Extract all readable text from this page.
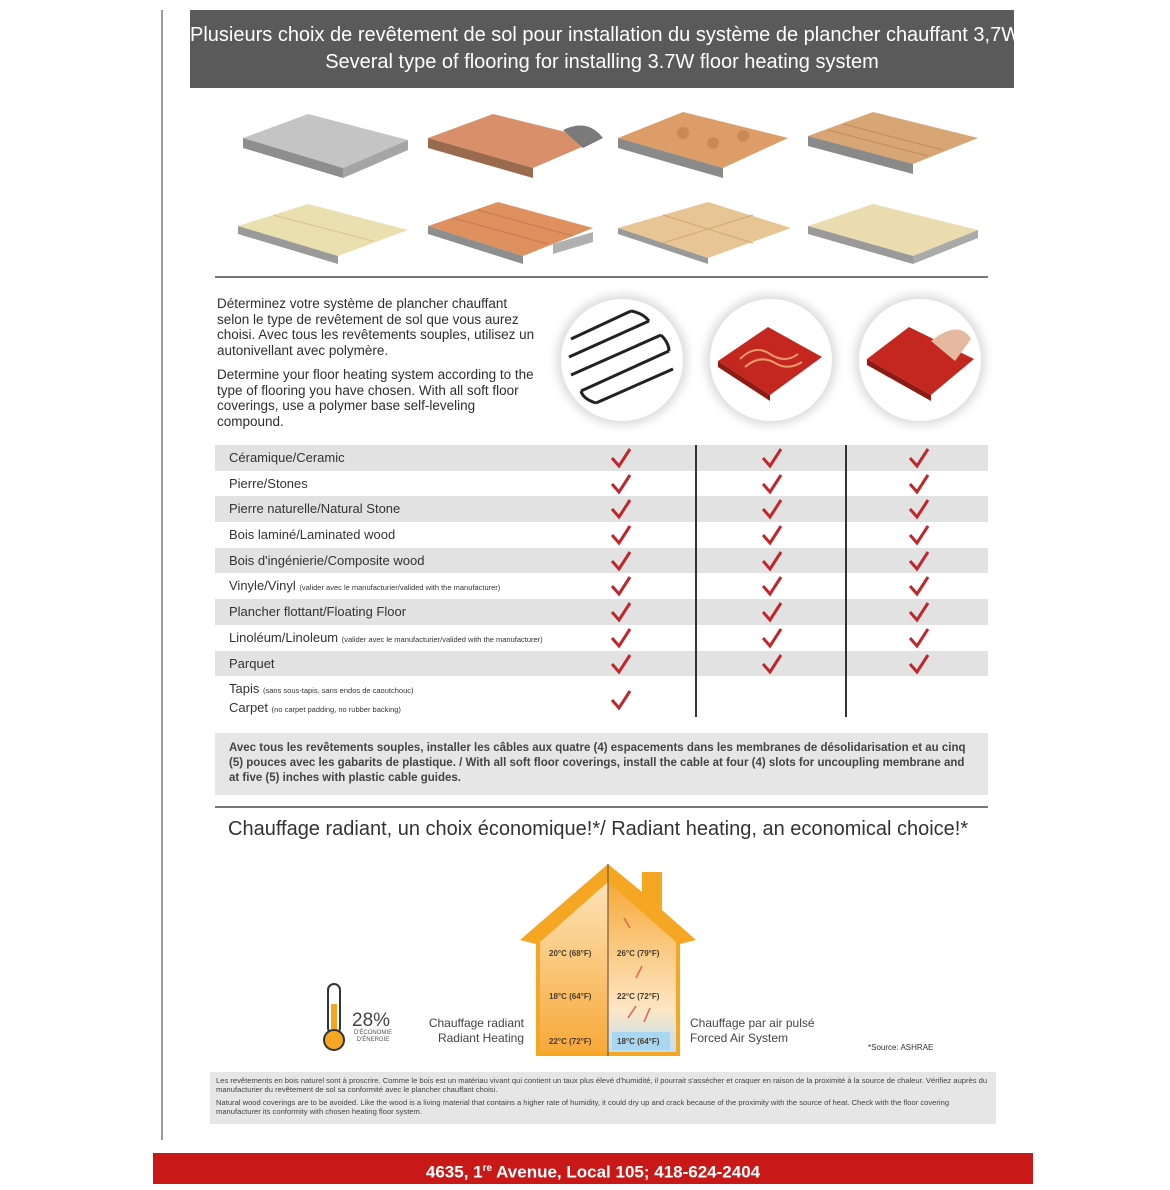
Plusieurs choix de revêtement de sol pour installation du système de plancher chauffant 3,7W
Several type of flooring for installing 3.7W floor heating system

Déterminez votre système de plancher chauffant selon le type de revêtement de sol que vous aurez choisi. Avec tous les revêtements souples, utilisez un autonivellant avec polymère.

Determine your floor heating system according to the type of flooring you have chosen. With all soft floor coverings, use a polymer base self-leveling compound.

Céramique/Ceramic
Pierre/Stones
Pierre naturelle/Natural Stone
Bois laminé/Laminated wood
Bois d'ingénierie/Composite wood
Vinyle/Vinyl (valider avec le manufacturier/valided with the manufacturer)
Plancher flottant/Floating Floor
Linoléum/Linoleum (valider avec le manufacturier/valided with the manufacturer)
Parquet
Tapis (sans sous-tapis, sans endos de caoutchouc)
Carpet (no carpet padding, no rubber backing)
Avec tous les revêtements souples, installer les câbles aux quatre (4) espacements dans les membranes de désolidarisation et au cinq (5) pouces avec les gabarits de plastique. / With all soft floor coverings, install the cable at four (4) slots for uncoupling membrane and at five (5) inches with plastic cable guides.
Chauffage radiant, un choix économique!*/ Radiant heating, an economical choice!*
20°C (68°F)
18°C (64°F)
22°C (72°F)
26°C (79°F)
22°C (72°F)
18°C (64°F)
28%
D'ÉCONOMIE D'ÉNERGIE
Chauffage radiant
Radiant Heating
Chauffage par air pulsé
Forced Air System
*Source: ASHRAE

Les revêtements en bois naturel sont à proscrire. Comme le bois est un matériau vivant qui contient un taux plus élevé d'humidité, il pourrait s'assécher et craquer en raison de la proximité à la source de chaleur. Vérifiez auprès du manufacturier du revêtement de sol sa conformité avec le plancher chauffant choisi.

Natural wood coverings are to be avoided. Like the wood is a living material that contains a higher rate of humidity, it could dry up and crack because of the proximity with the source of heat. Check with the floor covering manufacturer its conformity with chosen heating floor system.

4635, 1re Avenue, Local 105; 418-624-2404
